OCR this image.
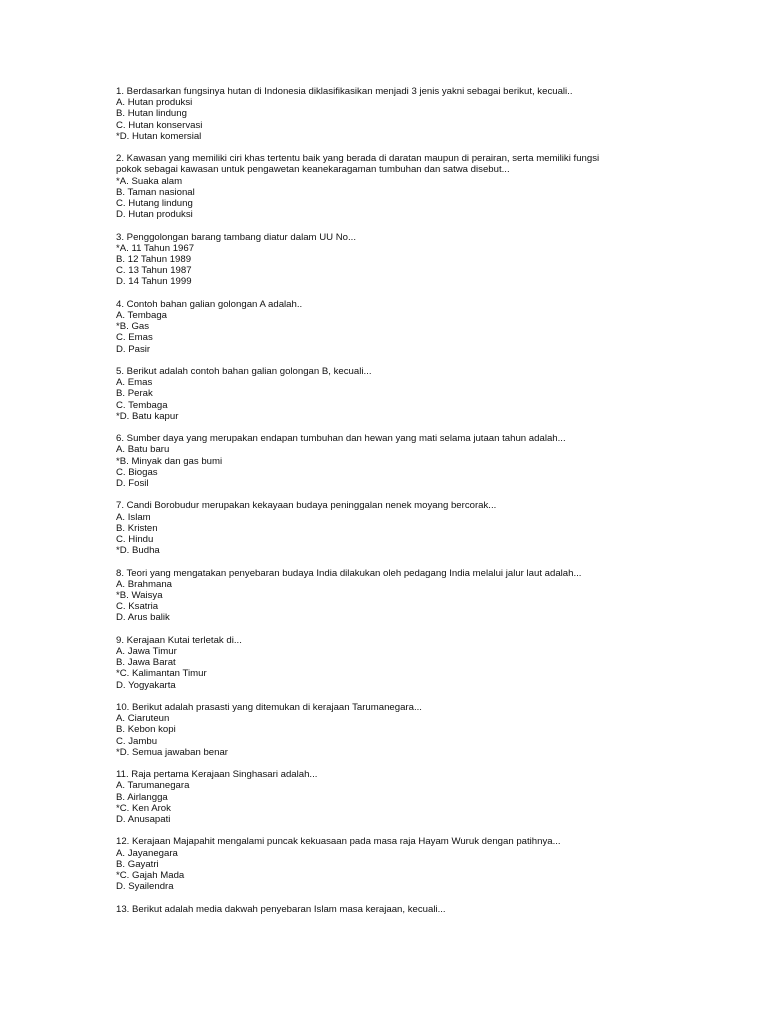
1. Berdasarkan fungsinya hutan di Indonesia diklasifikasikan menjadi 3 jenis yakni sebagai berikut, kecuali..
A. Hutan produksi
B. Hutan lindung
C. Hutan konservasi
*D. Hutan komersial
2. Kawasan yang memiliki ciri khas tertentu baik yang berada di daratan maupun di perairan, serta memiliki fungsi
pokok sebagai kawasan untuk pengawetan keanekaragaman tumbuhan dan satwa disebut...
*A. Suaka alam
B. Taman nasional
C. Hutang lindung
D. Hutan produksi
3. Penggolongan barang tambang diatur dalam UU No...
*A. 11 Tahun 1967
B. 12 Tahun 1989
C. 13 Tahun 1987
D. 14 Tahun 1999
4. Contoh bahan galian golongan A adalah..
A. Tembaga
*B. Gas
C. Emas
D. Pasir
5. Berikut adalah contoh bahan galian golongan B, kecuali...
A. Emas
B. Perak
C. Tembaga
*D. Batu kapur
6. Sumber daya yang merupakan endapan tumbuhan dan hewan yang mati selama jutaan tahun adalah...
A. Batu baru
*B. Minyak dan gas bumi
C. Biogas
D. Fosil
7. Candi Borobudur merupakan kekayaan budaya peninggalan nenek moyang bercorak...
A. Islam
B. Kristen
C. Hindu
*D. Budha
8. Teori yang mengatakan penyebaran budaya India dilakukan oleh pedagang India melalui jalur laut adalah...
A. Brahmana
*B. Waisya
C. Ksatria
D. Arus balik
9. Kerajaan Kutai terletak di...
A. Jawa Timur
B. Jawa Barat
*C. Kalimantan Timur
D. Yogyakarta
10. Berikut adalah prasasti yang ditemukan di kerajaan Tarumanegara...
A. Ciaruteun
B. Kebon kopi
C. Jambu
*D. Semua jawaban benar
11. Raja pertama Kerajaan Singhasari adalah...
A. Tarumanegara
B. Airlangga
*C. Ken Arok
D. Anusapati
12. Kerajaan Majapahit mengalami puncak kekuasaan pada masa raja Hayam Wuruk dengan patihnya...
A. Jayanegara
B. Gayatri
*C. Gajah Mada
D. Syailendra
13. Berikut adalah media dakwah penyebaran Islam masa kerajaan, kecuali...
